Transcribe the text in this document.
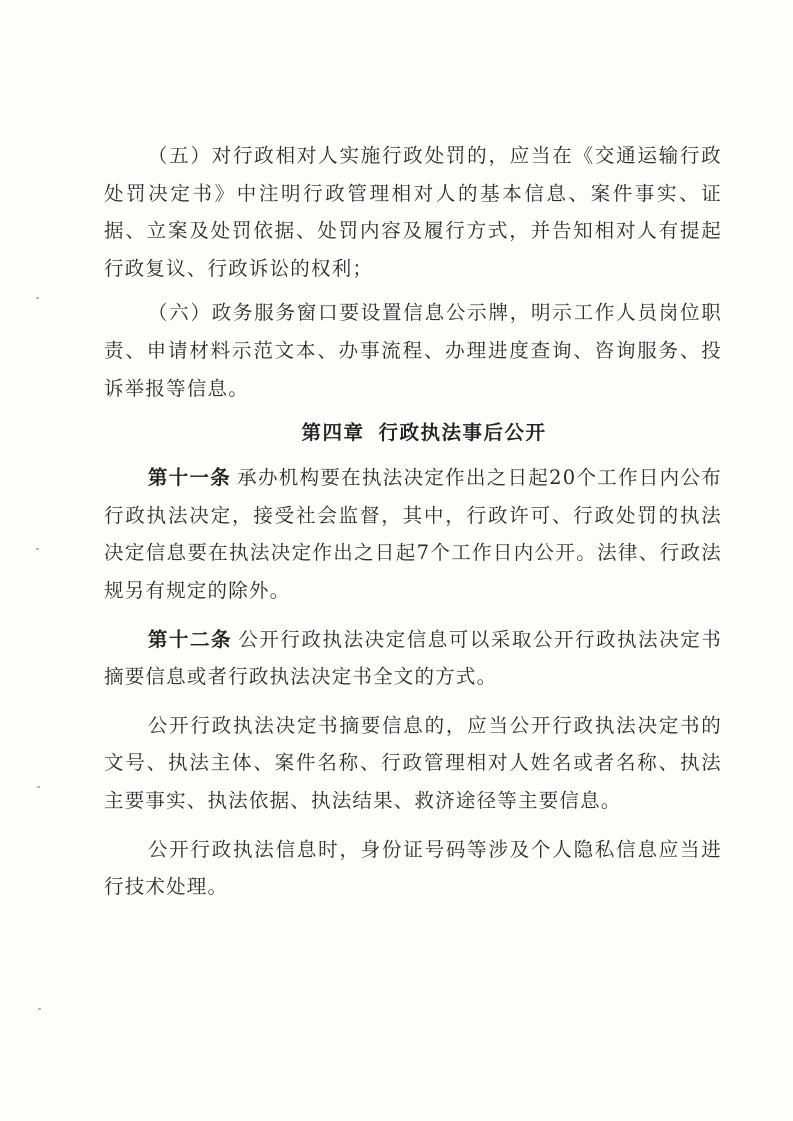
（五）对行政相对人实施行政处罚的，应当在《交通运输行政处罚决定书》中注明行政管理相对人的基本信息、案件事实、证据、立案及处罚依据、处罚内容及履行方式，并告知相对人有提起行政复议、行政诉讼的权利；

（六）政务服务窗口要设置信息公示牌，明示工作人员岗位职责、申请材料示范文本、办事流程、办理进度查询、咨询服务、投诉举报等信息。

第四章 行政执法事后公开

第十一条 承办机构要在执法决定作出之日起20个工作日内公布行政执法决定，接受社会监督，其中，行政许可、行政处罚的执法决定信息要在执法决定作出之日起7个工作日内公开。法律、行政法规另有规定的除外。

第十二条 公开行政执法决定信息可以采取公开行政执法决定书摘要信息或者行政执法决定书全文的方式。

公开行政执法决定书摘要信息的，应当公开行政执法决定书的文号、执法主体、案件名称、行政管理相对人姓名或者名称、执法主要事实、执法依据、执法结果、救济途径等主要信息。

公开行政执法信息时，身份证号码等涉及个人隐私信息应当进行技术处理。
